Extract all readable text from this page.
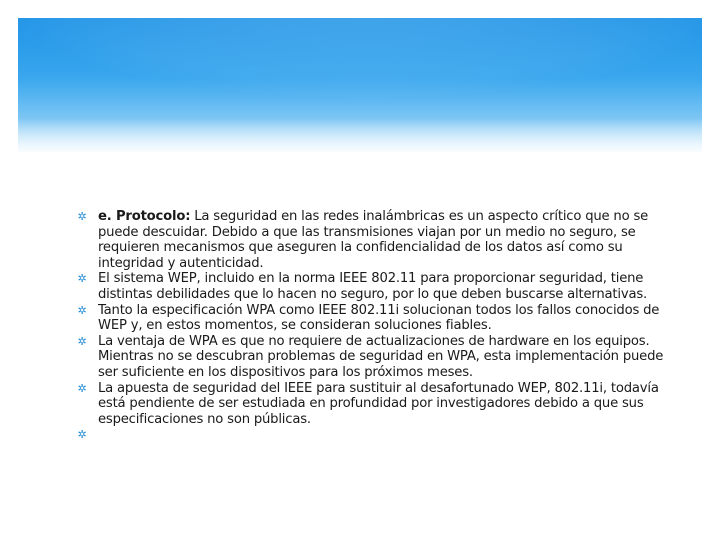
✲ e. Protocolo: La seguridad en las redes inalámbricas es un aspecto crítico que no se puede descuidar. Debido a que las transmisiones viajan por un medio no seguro, se requieren mecanismos que aseguren la confidencialidad de los datos así como su integridad y autenticidad.
✲ El sistema WEP, incluido en la norma IEEE 802.11 para proporcionar seguridad, tiene distintas debilidades que lo hacen no seguro, por lo que deben buscarse alternativas.
✲ Tanto la especificación WPA como IEEE 802.11i solucionan todos los fallos conocidos de WEP y, en estos momentos, se consideran soluciones fiables.
✲ La ventaja de WPA es que no requiere de actualizaciones de hardware en los equipos. Mientras no se descubran problemas de seguridad en WPA, esta implementación puede ser suficiente en los dispositivos para los próximos meses.
✲ La apuesta de seguridad del IEEE para sustituir al desafortunado WEP, 802.11i, todavía está pendiente de ser estudiada en profundidad por investigadores debido a que sus especificaciones no son públicas.
✲
